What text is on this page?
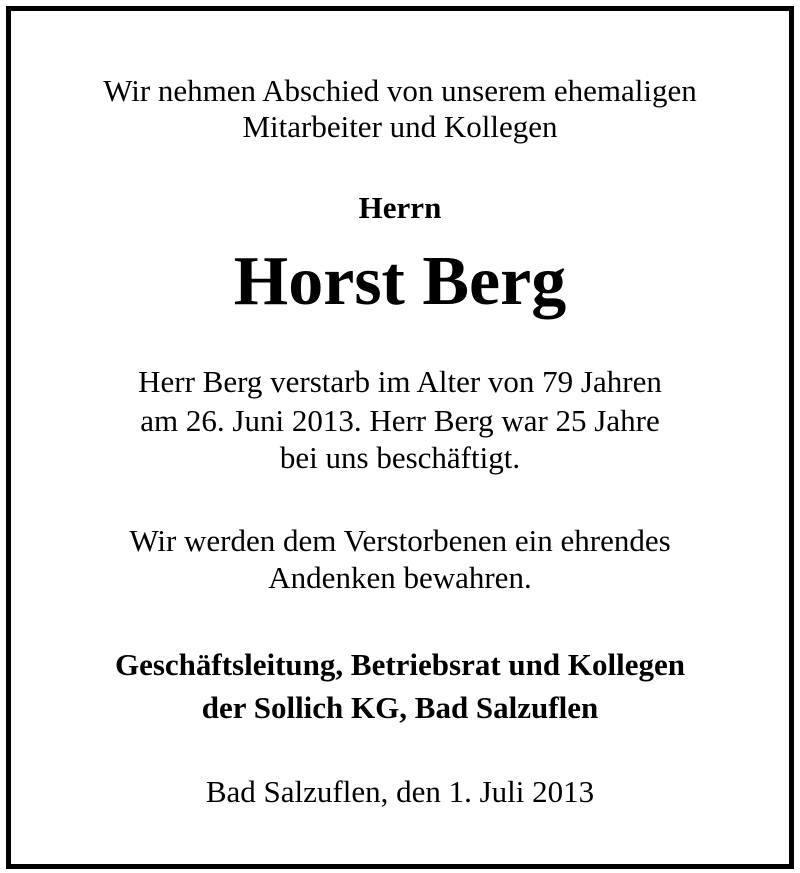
Wir nehmen Abschied von unserem ehemaligen

Mitarbeiter und Kollegen

Herrn

Horst Berg

Herr Berg verstarb im Alter von 79 Jahren

am 26. Juni 2013. Herr Berg war 25 Jahre

bei uns beschäftigt.

Wir werden dem Verstorbenen ein ehrendes

Andenken bewahren.

Geschäftsleitung, Betriebsrat und Kollegen

der Sollich KG, Bad Salzuflen

Bad Salzuflen, den 1. Juli 2013
